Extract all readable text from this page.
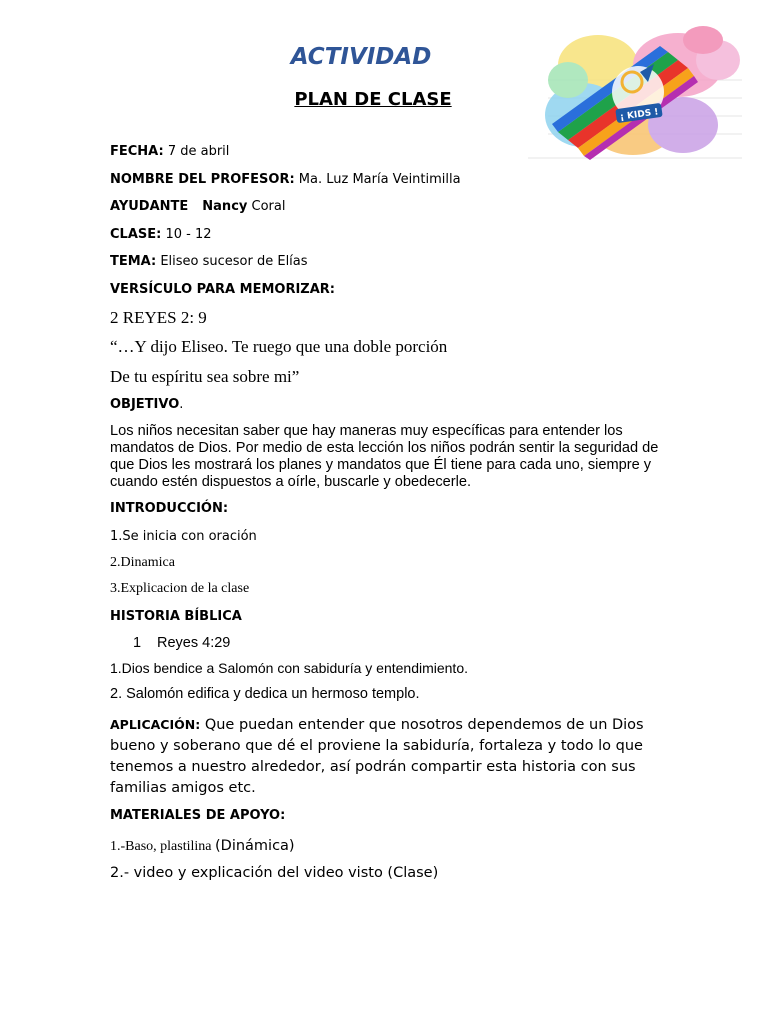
¡ KIDS !
ACTIVIDAD
PLAN DE CLASE
FECHA: 7 de abril
NOMBRE DEL PROFESOR: Ma. Luz María Veintimilla
AYUDANTE Nancy Coral
CLASE: 10 - 12
TEMA: Eliseo sucesor de Elías
VERSÍCULO PARA MEMORIZAR:
2 REYES 2: 9
“…Y dijo Eliseo. Te ruego que una doble porción
De tu espíritu sea sobre mi”
OBJETIVO.
Los niños necesitan saber que hay maneras muy específicas para entender los mandatos de Dios. Por medio de esta lección los niños podrán sentir la seguridad de que Dios les mostrará los planes y mandatos que Él tiene para cada uno, siempre y cuando estén dispuestos a oírle, buscarle y obedecerle.
INTRODUCCIÓN:
1.Se inicia con oración
2.Dinamica
3.Explicacion de la clase
HISTORIA BÍBLICA
1 Reyes 4:29
1.Dios bendice a Salomón con sabiduría y entendimiento.
2. Salomón edifica y dedica un hermoso templo.
APLICACIÓN: Que puedan entender que nosotros dependemos de un Dios bueno y soberano que dé el proviene la sabiduría, fortaleza y todo lo que tenemos a nuestro alrededor, así podrán compartir esta historia con sus familias amigos etc.
MATERIALES DE APOYO:
1.-Baso, plastilina (Dinámica)
2.- video y explicación del video visto (Clase)
